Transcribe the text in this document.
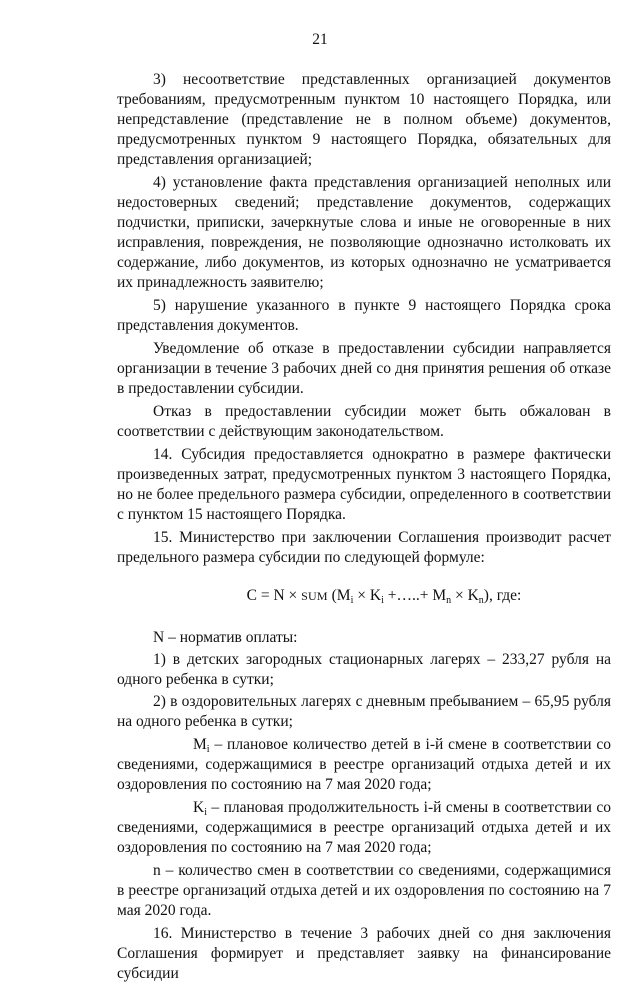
21

3) несоответствие представленных организацией документов требованиям, предусмотренным пунктом 10 настоящего Порядка, или непредставление (представление не в полном объеме) документов, предусмотренных пунктом 9 настоящего Порядка, обязательных для представления организацией;

4) установление факта представления организацией неполных или недостоверных сведений; представление документов, содержащих подчистки, приписки, зачеркнутые слова и иные не оговоренные в них исправления, повреждения, не позволяющие однозначно истолковать их содержание, либо документов, из которых однозначно не усматривается их принадлежность заявителю;

5) нарушение указанного в пункте 9 настоящего Порядка срока представления документов.

Уведомление об отказе в предоставлении субсидии направляется организации в течение 3 рабочих дней со дня принятия решения об отказе в предоставлении субсидии.

Отказ в предоставлении субсидии может быть обжалован в соответствии с действующим законодательством.

14. Субсидия предоставляется однократно в размере фактически произведенных затрат, предусмотренных пунктом 3 настоящего Порядка, но не более предельного размера субсидии, определенного в соответствии с пунктом 15 настоящего Порядка.

15. Министерство при заключении Соглашения производит расчет предельного размера субсидии по следующей формуле:

C = N × SUM ($M_i \times K_i$ +…..+ $M_n \times K_n$), где:

N – норматив оплаты:

1) в детских загородных стационарных лагерях – 233,27 рубля на одного ребенка в сутки;

2) в оздоровительных лагерях с дневным пребыванием – 65,95 рубля на одного ребенка в сутки;

$M_i$ – плановое количество детей в i-й смене в соответствии со сведениями, содержащимися в реестре организаций отдыха детей и их оздоровления по состоянию на 7 мая 2020 года;

$K_i$ – плановая продолжительность i-й смены в соответствии со сведениями, содержащимися в реестре организаций отдыха детей и их оздоровления по состоянию на 7 мая 2020 года;

n – количество смен в соответствии со сведениями, содержащимися в реестре организаций отдыха детей и их оздоровления по состоянию на 7 мая 2020 года.

16. Министерство в течение 3 рабочих дней со дня заключения Соглашения формирует и представляет заявку на финансирование субсидии
